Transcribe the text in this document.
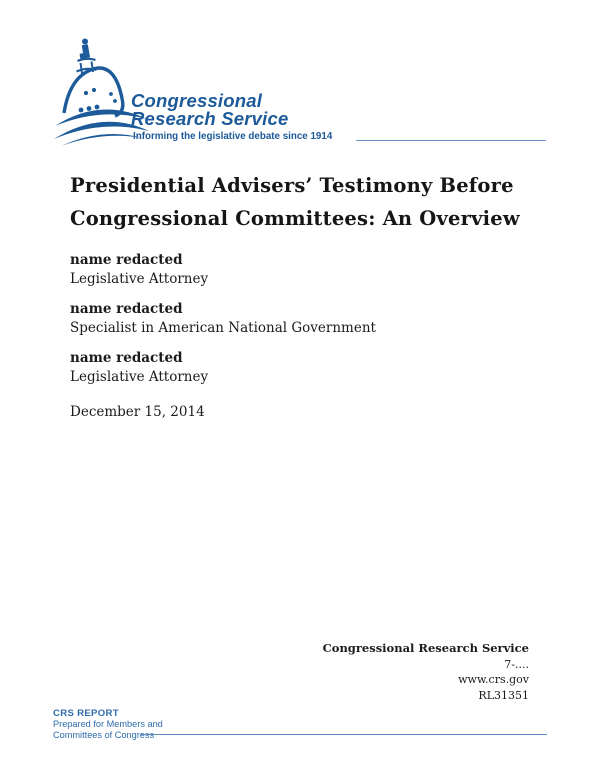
Congressional
Research Service
Informing the legislative debate since 1914
Presidential Advisers’ Testimony Before
Congressional Committees: An Overview
name redacted
Legislative Attorney
name redacted
Specialist in American National Government
name redacted
Legislative Attorney
December 15, 2014
Congressional Research Service
7-....
www.crs.gov
RL31351
CRS REPORT
Prepared for Members and
Committees of Congress
